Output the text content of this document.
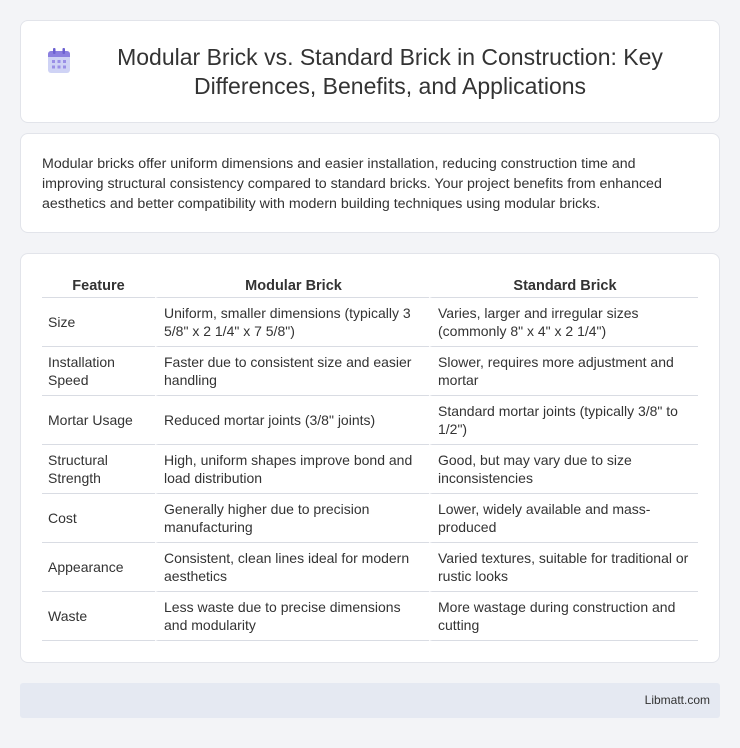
Modular Brick vs. Standard Brick in Construction: Key Differences, Benefits, and Applications

Modular bricks offer uniform dimensions and easier installation, reducing construction time and improving structural consistency compared to standard bricks. Your project benefits from enhanced aesthetics and better compatibility with modern building techniques using modular bricks.

Feature	Modular Brick	Standard Brick
Size	Uniform, smaller dimensions (typically 3 5/8" x 2 1/4" x 7 5/8")	Varies, larger and irregular sizes (commonly 8" x 4" x 2 1/4")
Installation Speed	Faster due to consistent size and easier handling	Slower, requires more adjustment and mortar
Mortar Usage	Reduced mortar joints (3/8" joints)	Standard mortar joints (typically 3/8" to 1/2")
Structural Strength	High, uniform shapes improve bond and load distribution	Good, but may vary due to size inconsistencies
Cost	Generally higher due to precision manufacturing	Lower, widely available and mass-produced
Appearance	Consistent, clean lines ideal for modern aesthetics	Varied textures, suitable for traditional or rustic looks
Waste	Less waste due to precise dimensions and modularity	More wastage during construction and cutting
Libmatt.com
